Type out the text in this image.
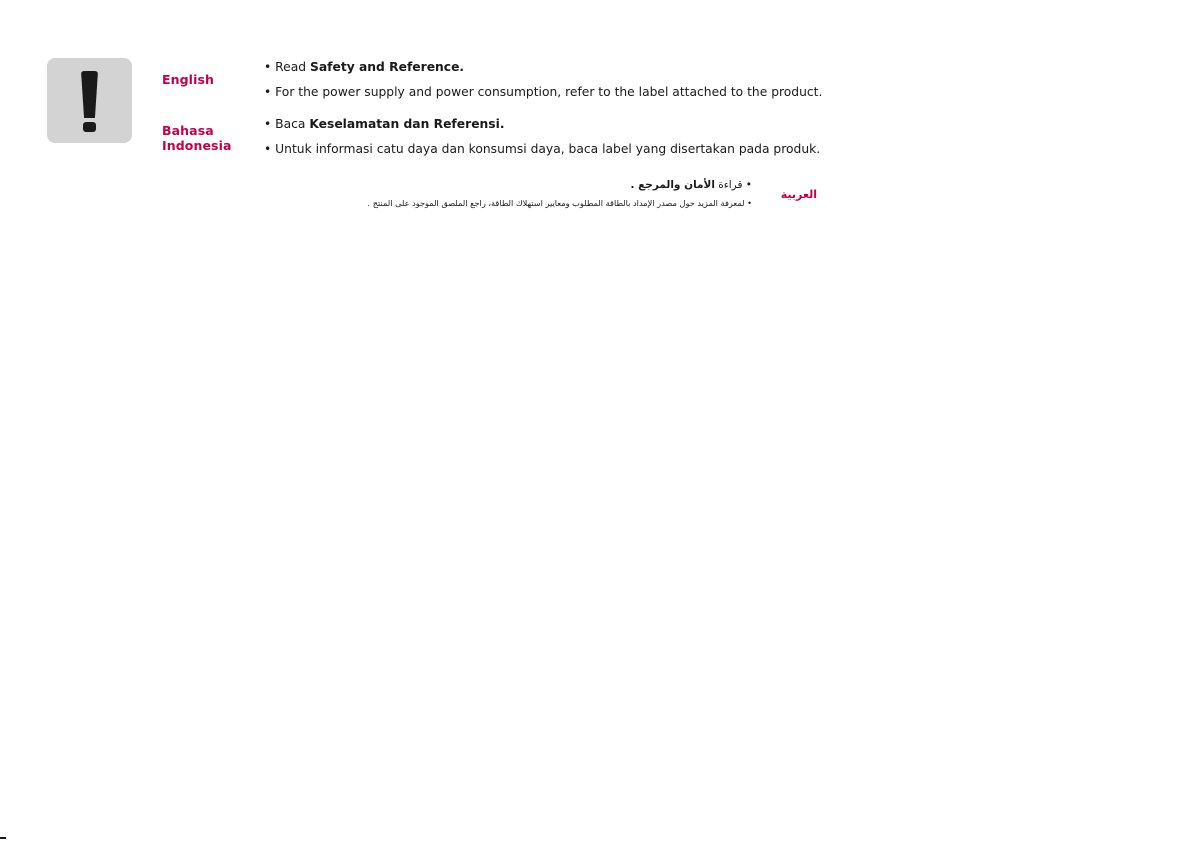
English
• Read Safety and Reference.
• For the power supply and power consumption, refer to the label attached to the product.
Bahasa
Indonesia
• Baca Keselamatan dan Referensi.
• Untuk informasi catu daya dan konsumsi daya, baca label yang disertakan pada produk.
العربية
• قراءة الأمان والمرجع .
• لمعرفة المزيد حول مصدر الإمداد بالطاقة المطلوب ومعايير استهلاك الطاقة، راجع الملصق الموجود على المنتج .
